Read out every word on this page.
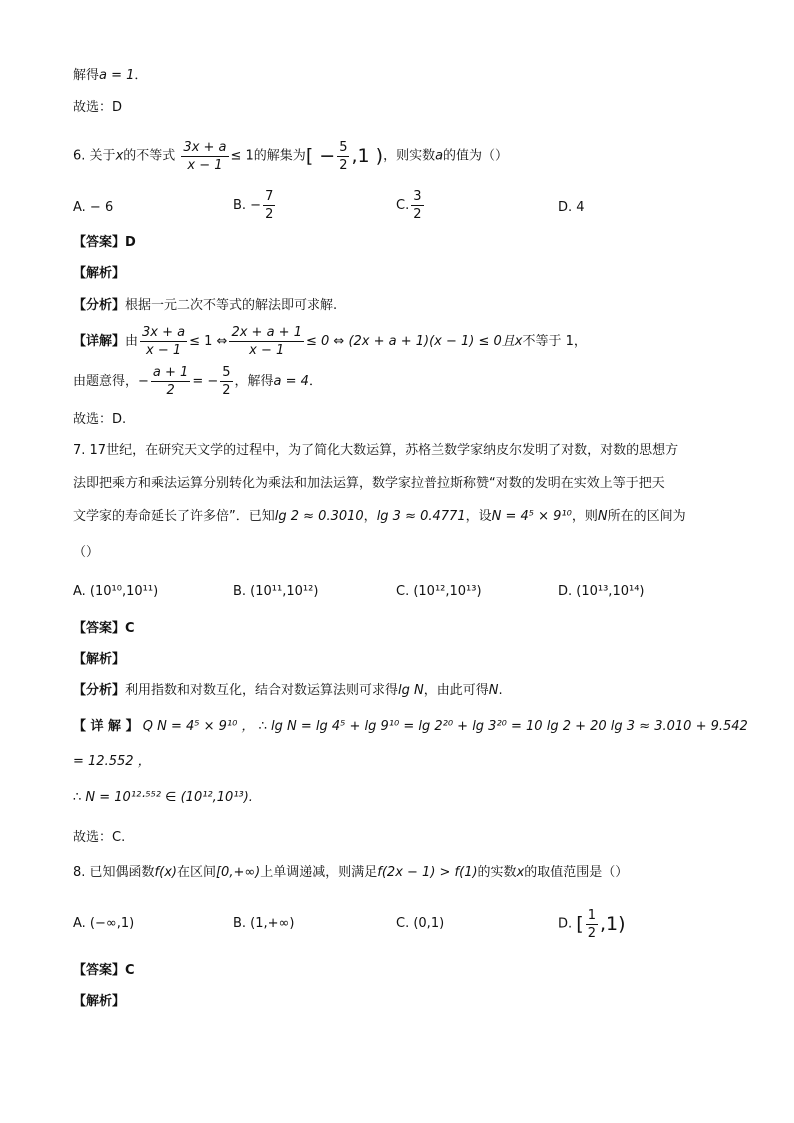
解得a = 1．
故选：D
6. 关于x的不等式 $\frac{3x + a}{x - 1} \le 1$的解集为[ − $\frac{5}{2} ,1$ )，则实数a的值为（）
A. − 6	B. − $\frac{7}{2}$	C. $\frac{3}{2}$	D. 4
【答案】D
【解析】
【分析】根据一元二次不等式的解法即可求解.
【详解】由 $\frac{3x + a}{x - 1} \le 1$ ⇔ $\frac{2x + a + 1}{x - 1} \le 0$ ⇔ (2x + a + 1)(x − 1) ≤ 0且x不等于 1，
由题意得，− $\frac{a + 1}{2}$ = − $\frac{5}{2}$ ，解得a = 4．
故选：D.
7. 17世纪，在研究天文学的过程中，为了简化大数运算，苏格兰数学家纳皮尔发明了对数，对数的思想方
法即把乘方和乘法运算分别转化为乘法和加法运算，数学家拉普拉斯称赞“对数的发明在实效上等于把天
文学家的寿命延长了许多倍”．已知lg 2 ≈ 0.3010，lg 3 ≈ 0.4771，设N = 4⁵ × 9¹⁰，则N所在的区间为
（）
A. (10¹⁰,10¹¹)	B. (10¹¹,10¹²)	C. (10¹²,10¹³)	D. (10¹³,10¹⁴)
【答案】C
【解析】
【分析】利用指数和对数互化，结合对数运算法则可求得lg N，由此可得N.
【 详 解 】 Q N = 4⁵ × 9¹⁰ ， ∴ lg N = lg 4⁵ + lg 9¹⁰ = lg 2²⁰ + lg 3²⁰ = 10 lg 2 + 20 lg 3 ≈ 3.010 + 9.542
= 12.552 ，
∴ N = 10¹²·⁵⁵² ∈ (10¹²,10¹³).
故选：C.
8. 已知偶函数f(x)在区间[0,+∞)上单调递减，则满足f(2x − 1) > f(1)的实数x的取值范围是（）
A. (−∞,1)	B. (1,+∞)	C. (0,1)	D. [ $\frac{1}{2} ,1$)
【答案】C
【解析】
